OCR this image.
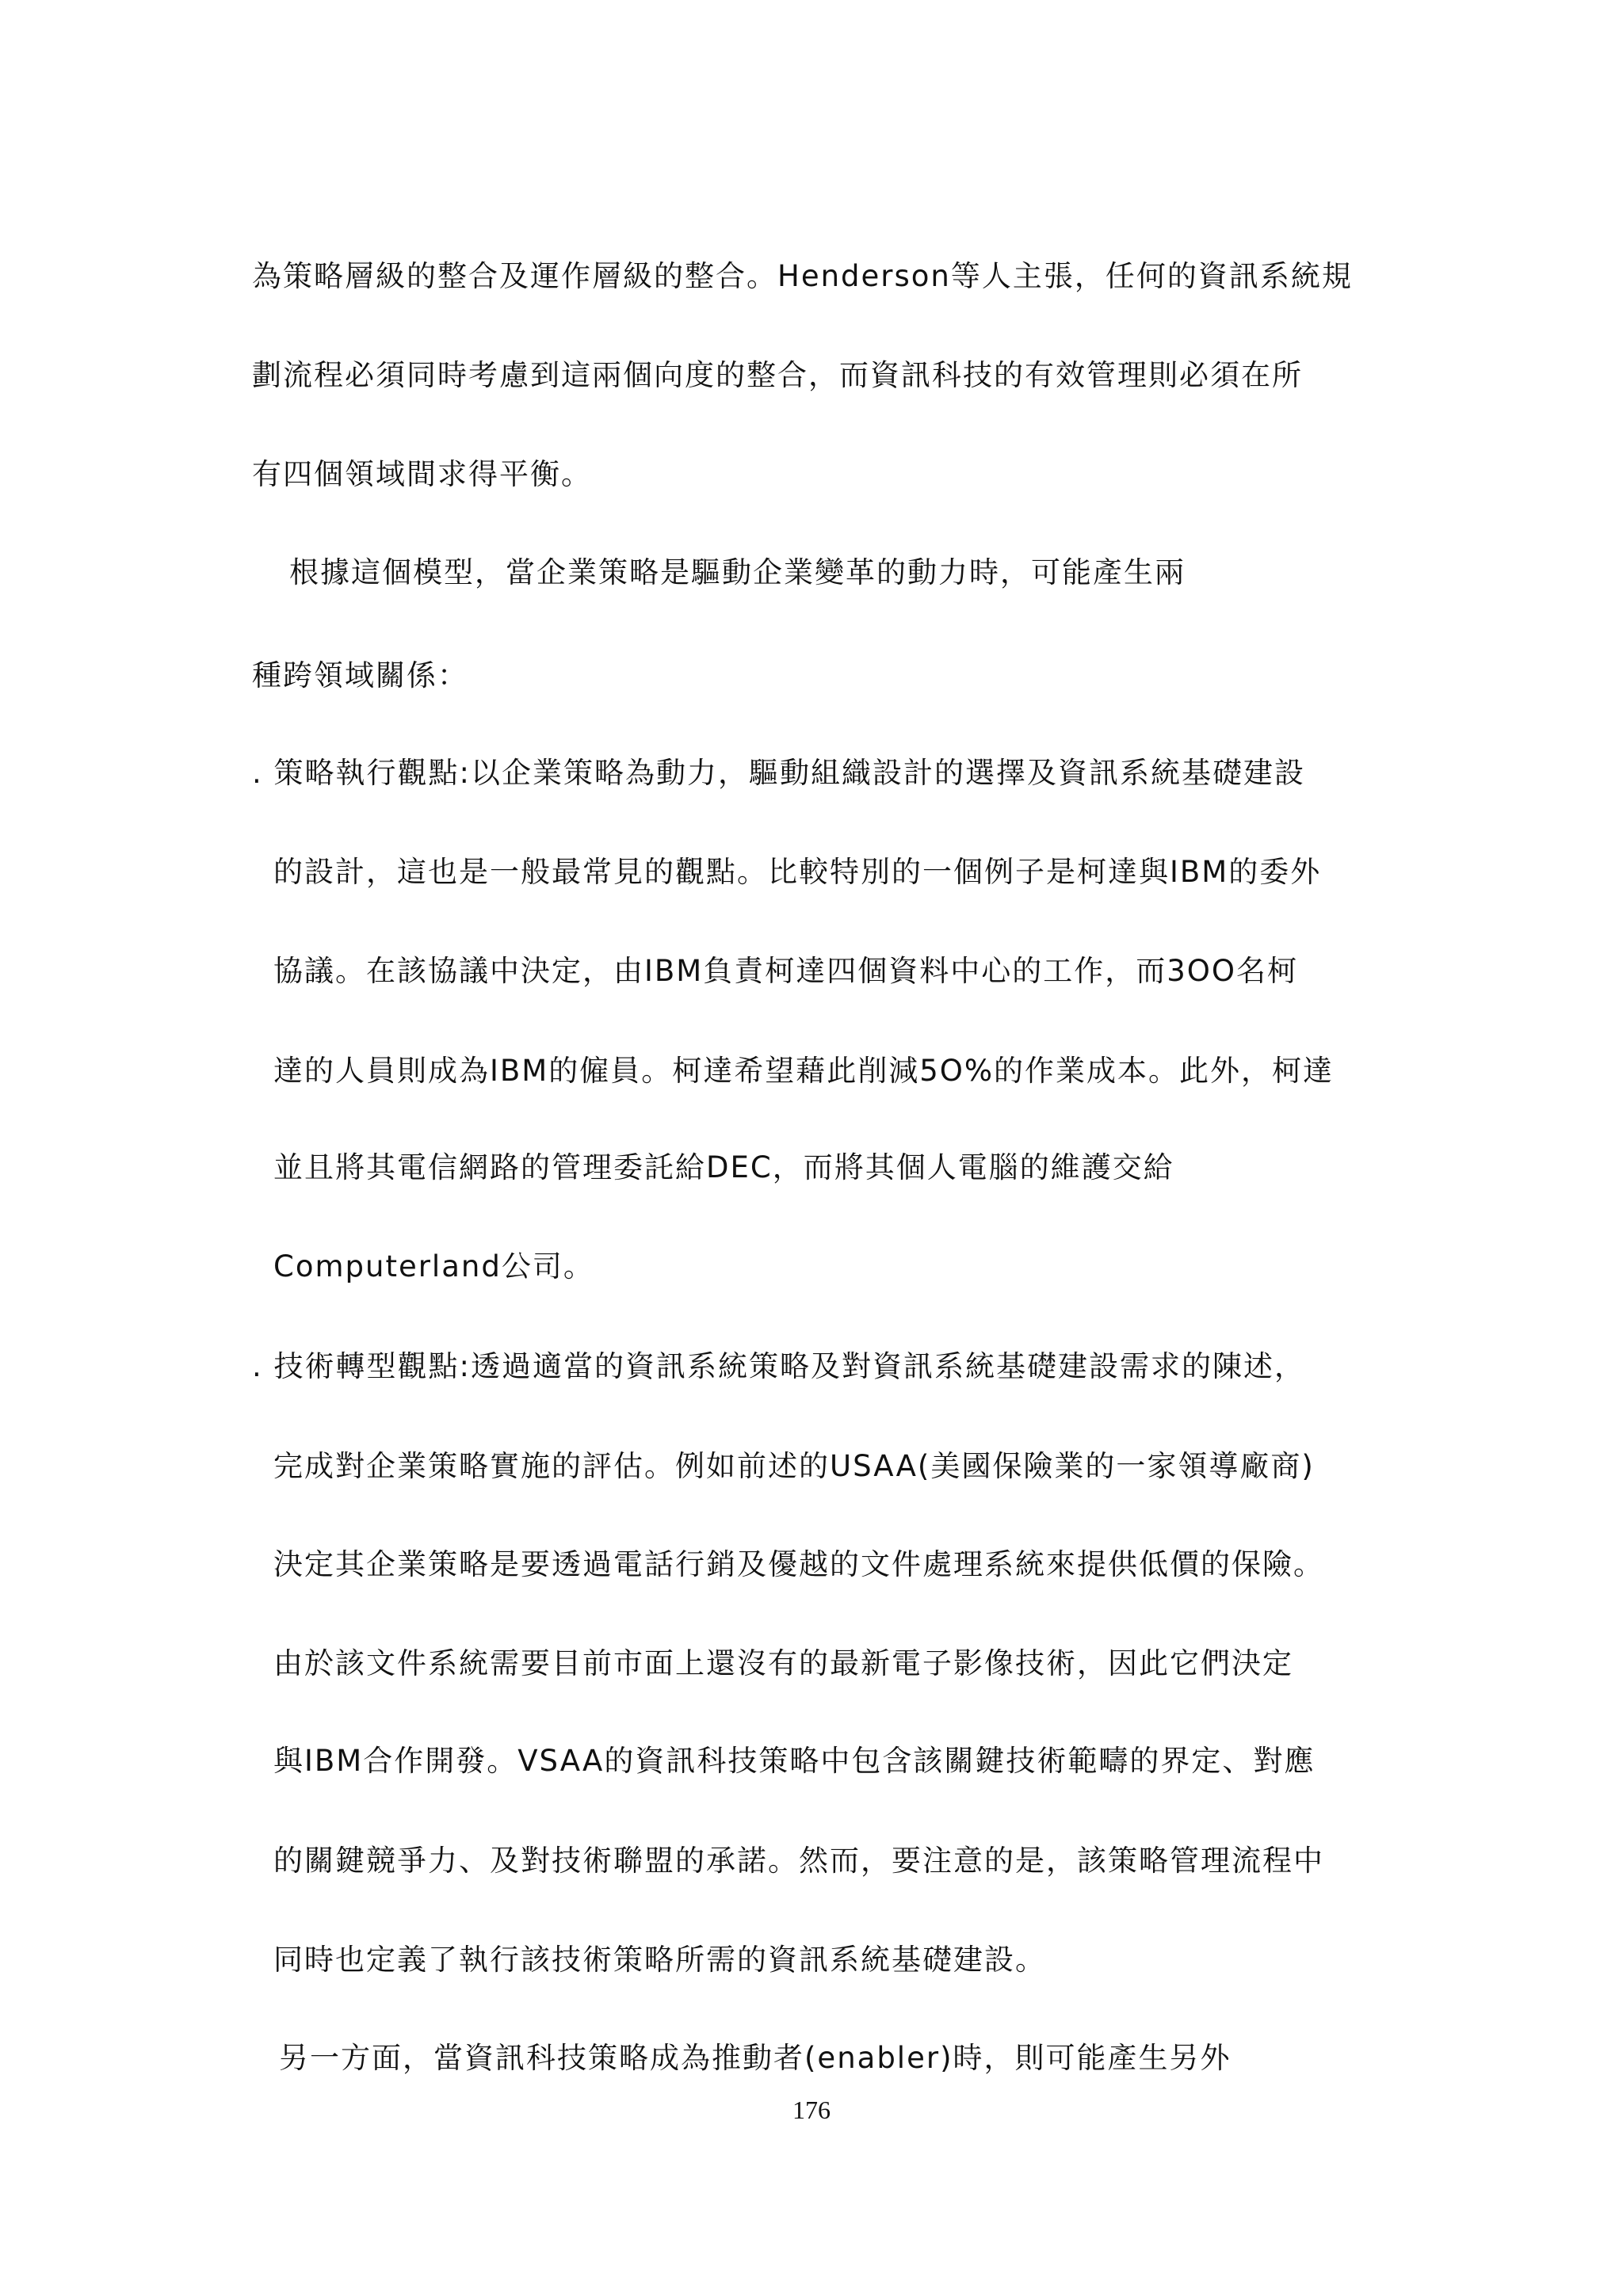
為策略層級的整合及運作層級的整合。Henderson等人主張，任何的資訊系統規
劃流程必須同時考慮到這兩個向度的整合，而資訊科技的有效管理則必須在所
有四個領域間求得平衡。
根據這個模型，當企業策略是驅動企業變革的動力時，可能產生兩
種跨領域關係：
. 策略執行觀點:以企業策略為動力，驅動組織設計的選擇及資訊系統基礎建設
的設計，這也是一般最常見的觀點。比較特別的一個例子是柯達與IBM的委外
協議。在該協議中決定，由IBM負責柯達四個資料中心的工作，而3OO名柯
達的人員則成為IBM的僱員。柯達希望藉此削減5O%的作業成本。此外，柯達
並且將其電信網路的管理委託給DEC，而將其個人電腦的維護交給
Computerland公司。
. 技術轉型觀點:透過適當的資訊系統策略及對資訊系統基礎建設需求的陳述，
完成對企業策略實施的評估。例如前述的USAA(美國保險業的一家領導廠商)
決定其企業策略是要透過電話行銷及優越的文件處理系統來提供低價的保險。
由於該文件系統需要目前市面上還沒有的最新電子影像技術，因此它們決定
與IBM合作開發。VSAA的資訊科技策略中包含該關鍵技術範疇的界定、對應
的關鍵競爭力、及對技術聯盟的承諾。然而，要注意的是，該策略管理流程中
同時也定義了執行該技術策略所需的資訊系統基礎建設。
另一方面，當資訊科技策略成為推動者(enabler)時，則可能產生另外
176
